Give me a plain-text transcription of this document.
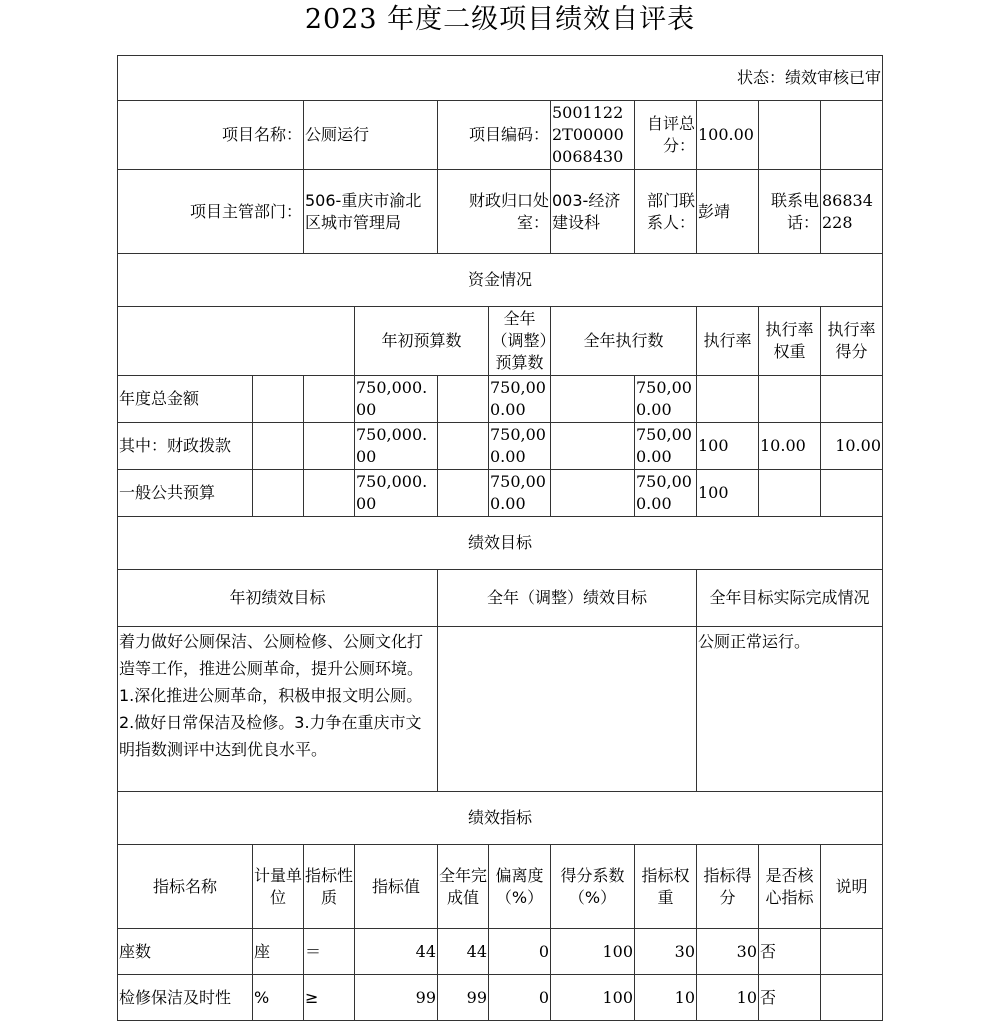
2023 年度二级项目绩效自评表
状态：绩效审核已审										
项目名称：		公厕运行		项目编码：		50011222T000000068430	自评总分：	100.00		
项目主管部门：		506-重庆市渝北区城市管理局		财政归口处室：		003-经济建设科	部门联系人：	彭靖	联系电话：	86834228
资金情况										
			年初预算数		全年（调整）预算数	全年执行数		执行率	执行率权重	执行率得分
年度总金额			750,000.00		750,000.00		750,000.00			
其中：财政拨款			750,000.00		750,000.00		750,000.00	100	10.00	10.00
一般公共预算			750,000.00		750,000.00		750,000.00	100		
绩效目标										
年初绩效目标				全年（调整）绩效目标				全年目标实际完成情况		
着力做好公厕保洁、公厕检修、公厕文化打造等工作，推进公厕革命，提升公厕环境。1.深化推进公厕革命，积极申报文明公厕。2.做好日常保洁及检修。3.力争在重庆市文明指数测评中达到优良水平。								公厕正常运行。		
绩效指标										
指标名称	计量单位	指标性质	指标值	全年完成值	偏离度（%）	得分系数（%）	指标权重	指标得分	是否核心指标	说明
座数	座	＝	44	44	0	100	30	30	否	
检修保洁及时性	%	≥	99	99	0	100	10	10	否	
